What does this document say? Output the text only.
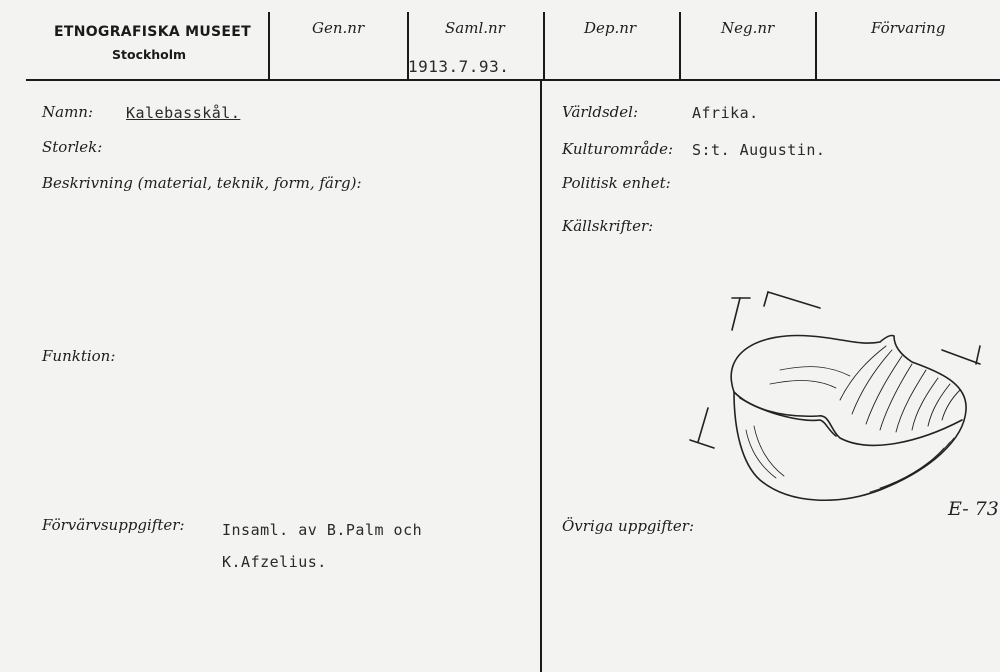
ETNOGRAFISKA MUSEET
Stockholm
Gen.nr	Saml.nr	Dep.nr	Neg.nr	Förvaring
1913.7.93.
Namn: Kalebasskål.
Storlek:
Beskrivning (material, teknik, form, färg):
Funktion:
Förvärvsuppgifter:	Insaml. av B.Palm och
K.Afzelius.
Världsdel:	Afrika.
Kulturområde: S:t. Augustin.
Politisk enhet:
Källskrifter:
Övriga uppgifter:
E- 73
